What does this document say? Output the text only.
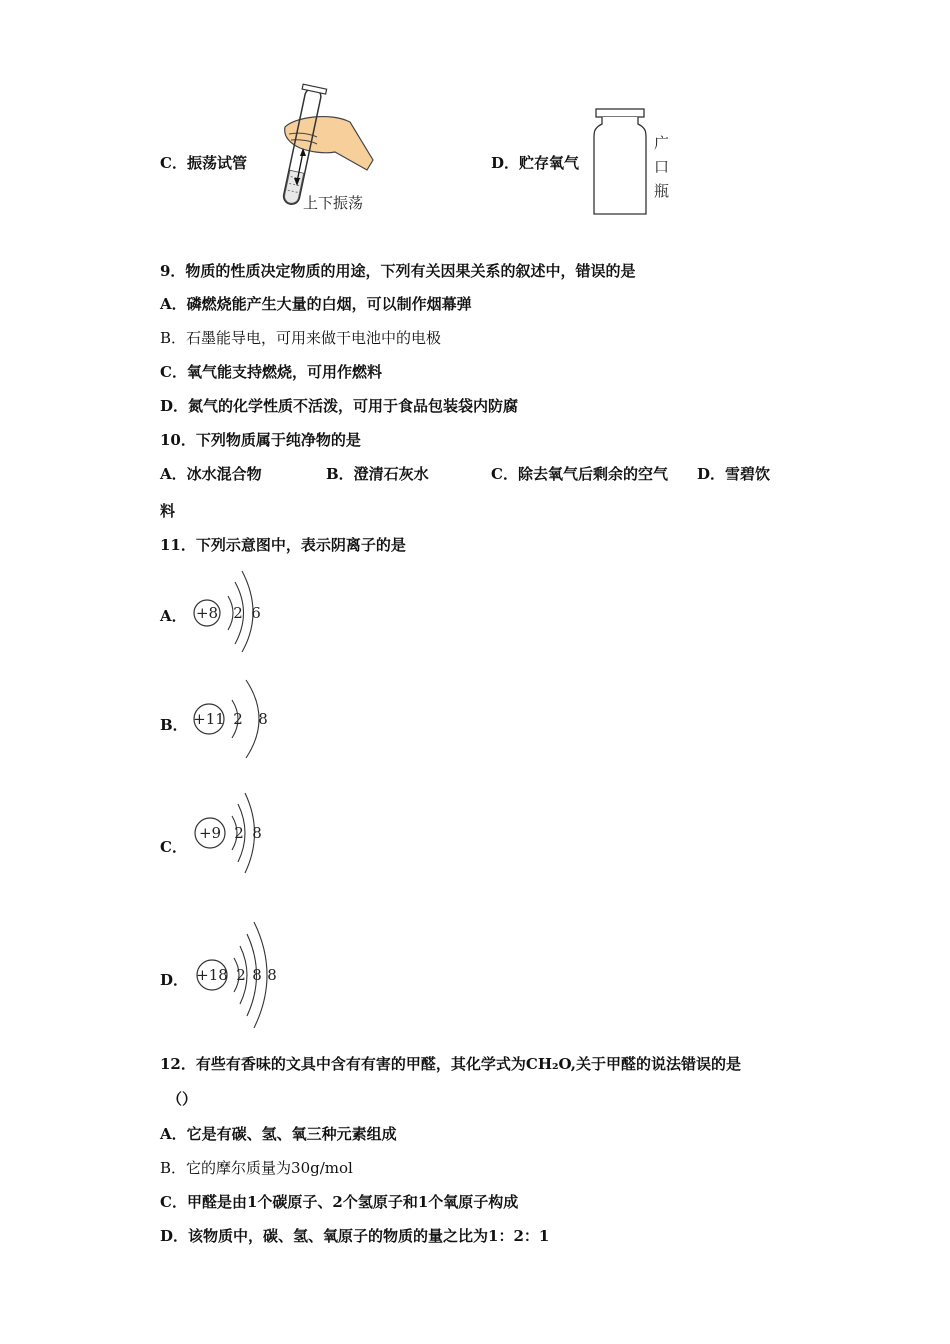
C．振荡试管
上下振荡
D．贮存氧气
广
口
瓶
9．物质的性质决定物质的用途，下列有关因果关系的叙述中，错误的是
A．磷燃烧能产生大量的白烟，可以制作烟幕弹
B．石墨能导电，可用来做干电池中的电极
C．氧气能支持燃烧，可用作燃料
D．氮气的化学性质不活泼，可用于食品包装袋内防腐
10．下列物质属于纯净物的是
A．冰水混合物	B．澄清石灰水	C．除去氧气后剩余的空气 D．雪碧饮
料
11．下列示意图中，表示阴离子的是
A． +8 2 6
B． +11 2 8
C．
+9 2 8
D． +18 2 8 8
12．有些有香味的文具中含有有害的甲醛，其化学式为CH₂O,关于甲醛的说法错误的是
（）
A．它是有碳、氢、氧三种元素组成
B．它的摩尔质量为30g/mol
C．甲醛是由1个碳原子、2个氢原子和1个氧原子构成
D．该物质中，碳、氢、氧原子的物质的量之比为1：2：1
